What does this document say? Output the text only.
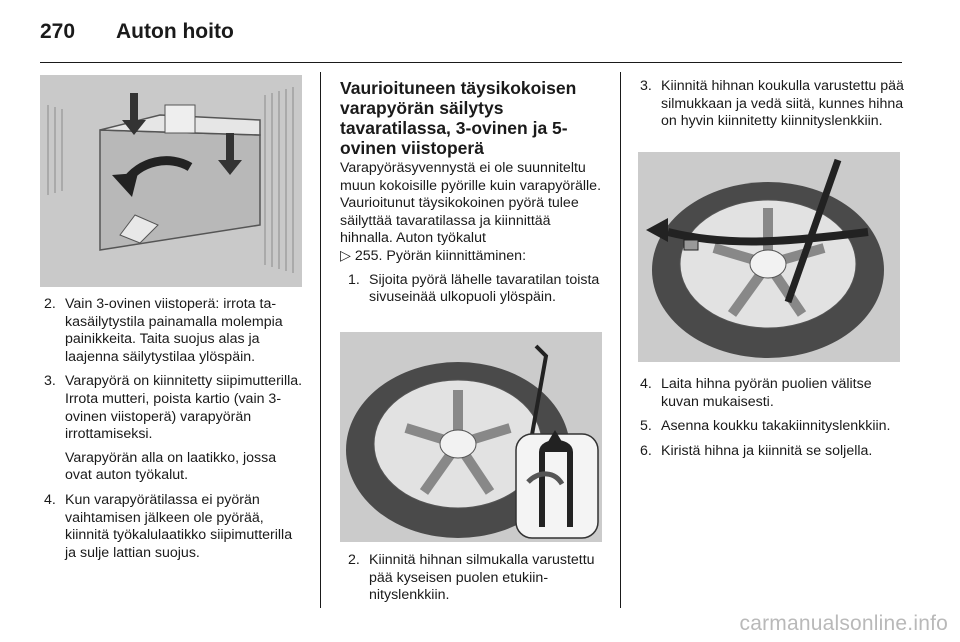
270 Auton hoito
2. Vain 3-ovinen viistoperä: irrota takasäilytystila painamalla molempia painikkeita. Taita suojus alas ja laajenna säilytystilaa ylöspäin.
3. Varapyörä on kiinnitetty siipimutterilla. Irrota mutteri, poista kartio (vain 3-ovinen viistoperä) varapyörän irrottamiseksi.
Varapyörän alla on laatikko, jossa ovat auton työkalut.
4. Kun varapyörätilassa ei pyörän vaihtamisen jälkeen ole pyörää, kiinnitä työkalulaatikko siipimutterilla ja sulje lattian suojus.
Vaurioituneen täysikokoisen varapyörän säilytys tavaratilassa, 3-ovinen ja 5-ovinen viistoperä

Varapyöräsyvennystä ei ole suunniteltu muun kokoisille pyörille kuin varapyörälle. Vaurioitunut täysikokoinen pyörä tulee säilyttää tavaratilassa ja kiinnittää hihnalla. Auton työkalut
▷ 255. Pyörän kiinnittäminen:

1. Sijoita pyörä lähelle tavaratilan toista sivuseinää ulkopuoli ylöspäin.
2. Kiinnitä hihnan silmukalla varustettu pää kyseisen puolen etukiinnityslenkkiin.
3. Kiinnitä hihnan koukulla varustettu pää silmukkaan ja vedä siitä, kunnes hihna on hyvin kiinnitetty kiinnityslenkkiin.
4. Laita hihna pyörän puolien välitse kuvan mukaisesti.
5. Asenna koukku takakiinnityslenkkiin.
6. Kiristä hihna ja kiinnitä se soljella.
carmanualsonline.info
